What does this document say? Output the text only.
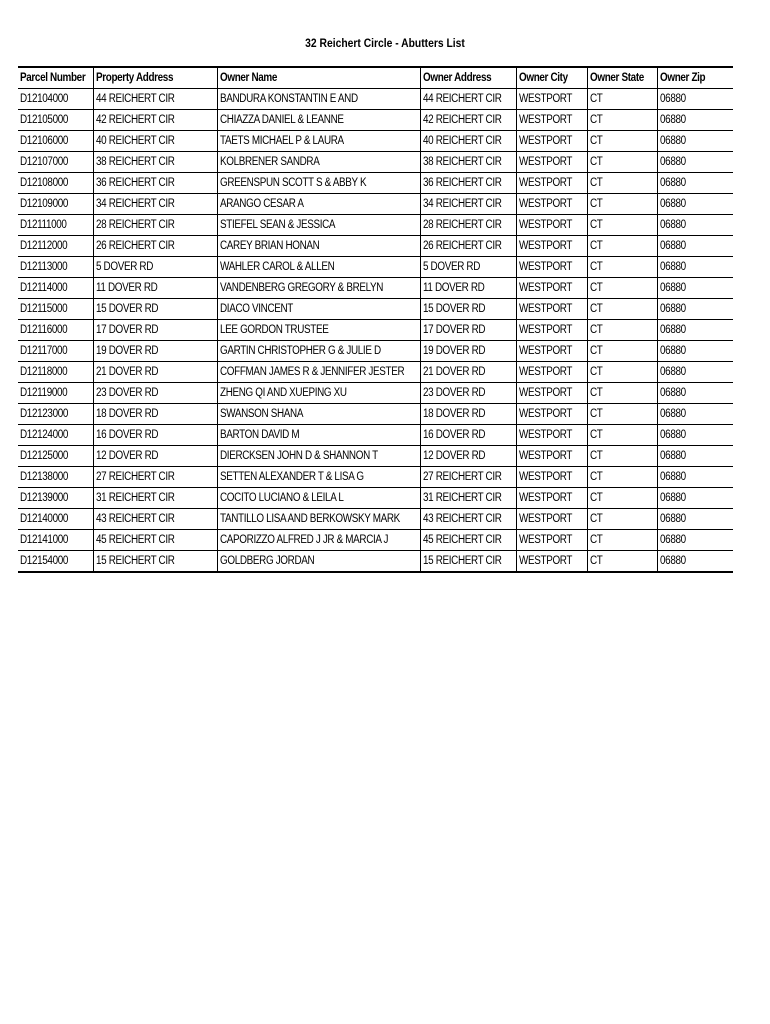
32 Reichert Circle - Abutters List
Parcel Number	Property Address	Owner Name	Owner Address	Owner City	Owner State	Owner Zip
D12104000	44 REICHERT CIR	BANDURA KONSTANTIN E AND	44 REICHERT CIR	WESTPORT	CT	06880
D12105000	42 REICHERT CIR	CHIAZZA DANIEL & LEANNE	42 REICHERT CIR	WESTPORT	CT	06880
D12106000	40 REICHERT CIR	TAETS MICHAEL P & LAURA	40 REICHERT CIR	WESTPORT	CT	06880
D12107000	38 REICHERT CIR	KOLBRENER SANDRA	38 REICHERT CIR	WESTPORT	CT	06880
D12108000	36 REICHERT CIR	GREENSPUN SCOTT S & ABBY K	36 REICHERT CIR	WESTPORT	CT	06880
D12109000	34 REICHERT CIR	ARANGO CESAR A	34 REICHERT CIR	WESTPORT	CT	06880
D12111000	28 REICHERT CIR	STIEFEL SEAN & JESSICA	28 REICHERT CIR	WESTPORT	CT	06880
D12112000	26 REICHERT CIR	CAREY BRIAN HONAN	26 REICHERT CIR	WESTPORT	CT	06880
D12113000	5 DOVER RD	WAHLER CAROL & ALLEN	5 DOVER RD	WESTPORT	CT	06880
D12114000	11 DOVER RD	VANDENBERG GREGORY & BRELYN	11 DOVER RD	WESTPORT	CT	06880
D12115000	15 DOVER RD	DIACO VINCENT	15 DOVER RD	WESTPORT	CT	06880
D12116000	17 DOVER RD	LEE GORDON TRUSTEE	17 DOVER RD	WESTPORT	CT	06880
D12117000	19 DOVER RD	GARTIN CHRISTOPHER G & JULIE D	19 DOVER RD	WESTPORT	CT	06880
D12118000	21 DOVER RD	COFFMAN JAMES R & JENNIFER JESTER	21 DOVER RD	WESTPORT	CT	06880
D12119000	23 DOVER RD	ZHENG QI AND XUEPING XU	23 DOVER RD	WESTPORT	CT	06880
D12123000	18 DOVER RD	SWANSON SHANA	18 DOVER RD	WESTPORT	CT	06880
D12124000	16 DOVER RD	BARTON DAVID M	16 DOVER RD	WESTPORT	CT	06880
D12125000	12 DOVER RD	DIERCKSEN JOHN D & SHANNON T	12 DOVER RD	WESTPORT	CT	06880
D12138000	27 REICHERT CIR	SETTEN ALEXANDER T & LISA G	27 REICHERT CIR	WESTPORT	CT	06880
D12139000	31 REICHERT CIR	COCITO LUCIANO & LEILA L	31 REICHERT CIR	WESTPORT	CT	06880
D12140000	43 REICHERT CIR	TANTILLO LISA AND BERKOWSKY MARK	43 REICHERT CIR	WESTPORT	CT	06880
D12141000	45 REICHERT CIR	CAPORIZZO ALFRED J JR & MARCIA J	45 REICHERT CIR	WESTPORT	CT	06880
D12154000	15 REICHERT CIR	GOLDBERG JORDAN	15 REICHERT CIR	WESTPORT	CT	06880
